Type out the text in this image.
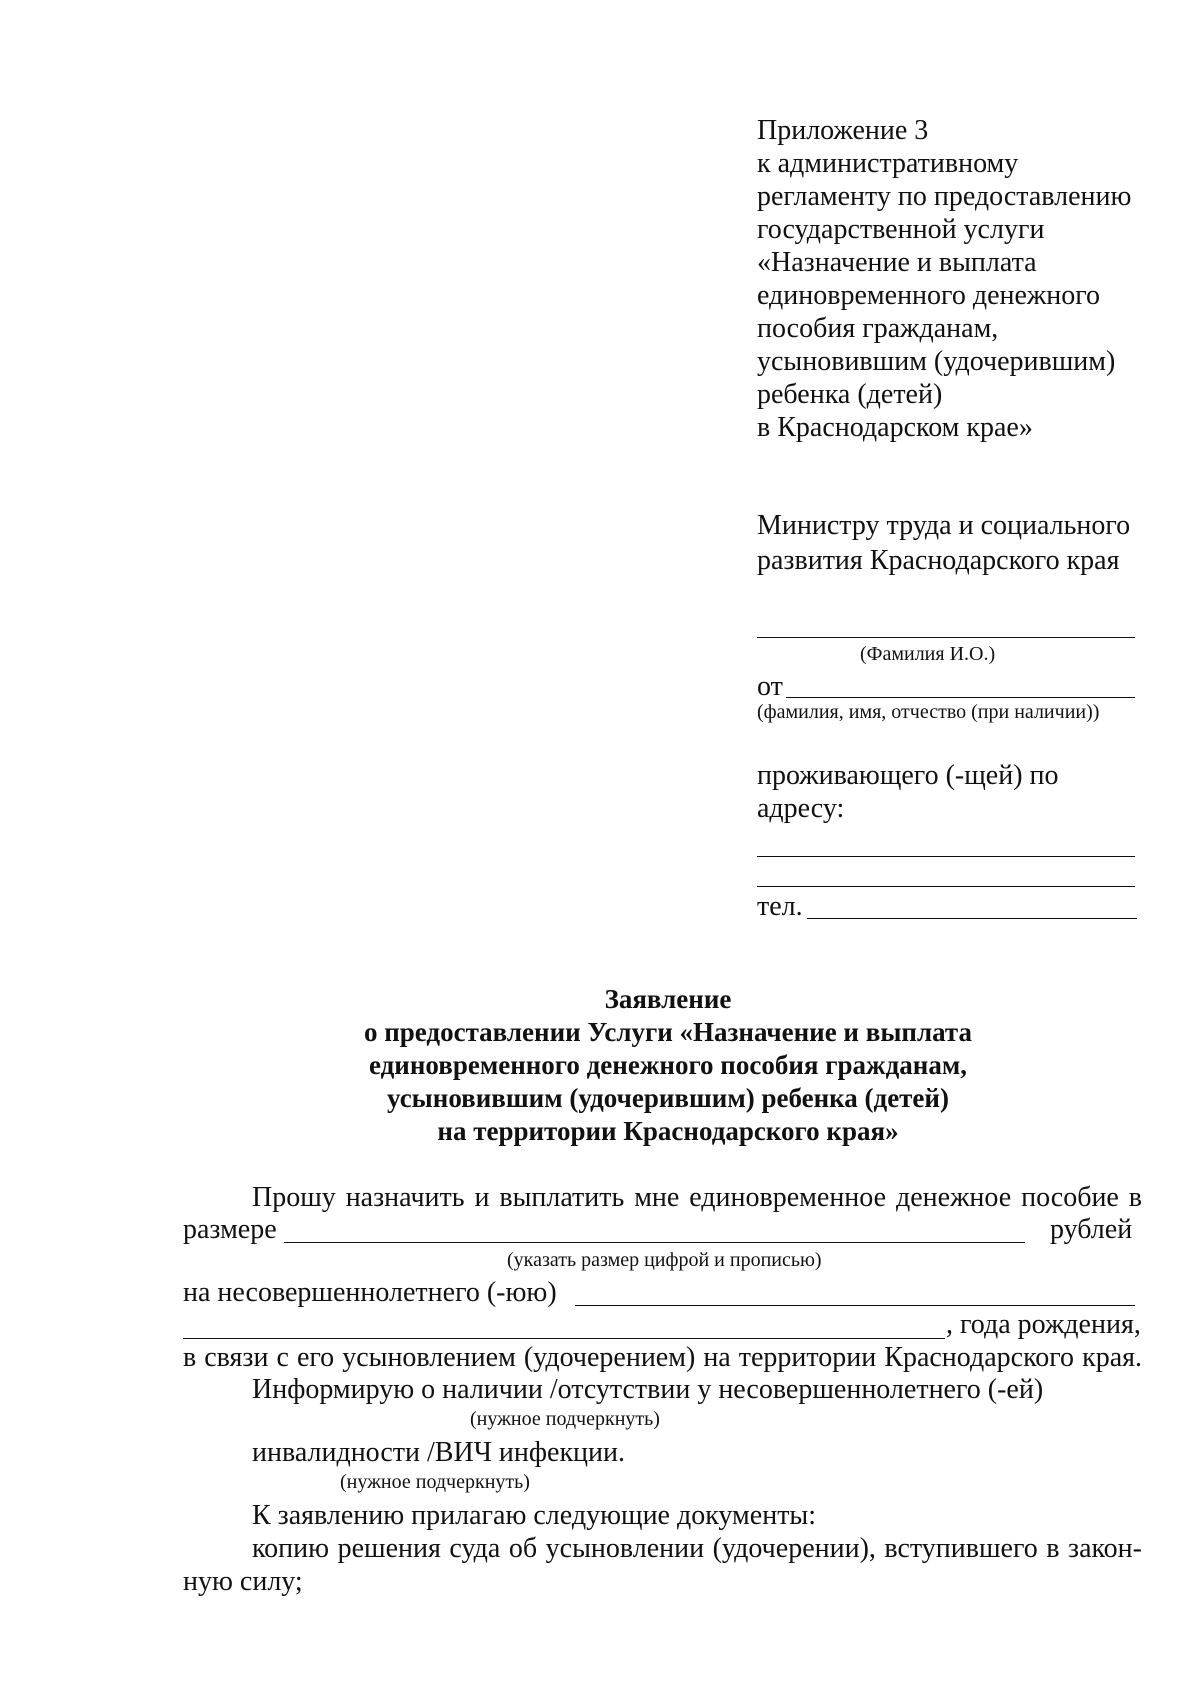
Приложение 3
к административному
регламенту по предоставлению
государственной услуги
«Назначение и выплата
единовременного денежного
пособия гражданам,
усыновившим (удочерившим)
ребенка (детей)
в Краснодарском крае»
Министру труда и социального
развития Краснодарского края
(Фамилия И.О.)
от
(фамилия, имя, отчество (при наличии))
проживающего (-щей) по
адресу:
тел.
Заявление
о предоставлении Услуги «Назначение и выплата
единовременного денежного пособия гражданам,
усыновившим (удочерившим) ребенка (детей)
на территории Краснодарского края»
Прошу назначить и выплатить мне единовременное денежное пособие в
размере	рублей
(указать размер цифрой и прописью)
на несовершеннолетнего (-юю)
, года рождения,
в связи с его усыновлением (удочерением) на территории Краснодарского края.
Информирую о наличии /отсутствии у несовершеннолетнего (-ей)
(нужное подчеркнуть)
инвалидности /ВИЧ инфекции.
(нужное подчеркнуть)
К заявлению прилагаю следующие документы:
копию решения суда об усыновлении (удочерении), вступившего в закон-
ную силу;
